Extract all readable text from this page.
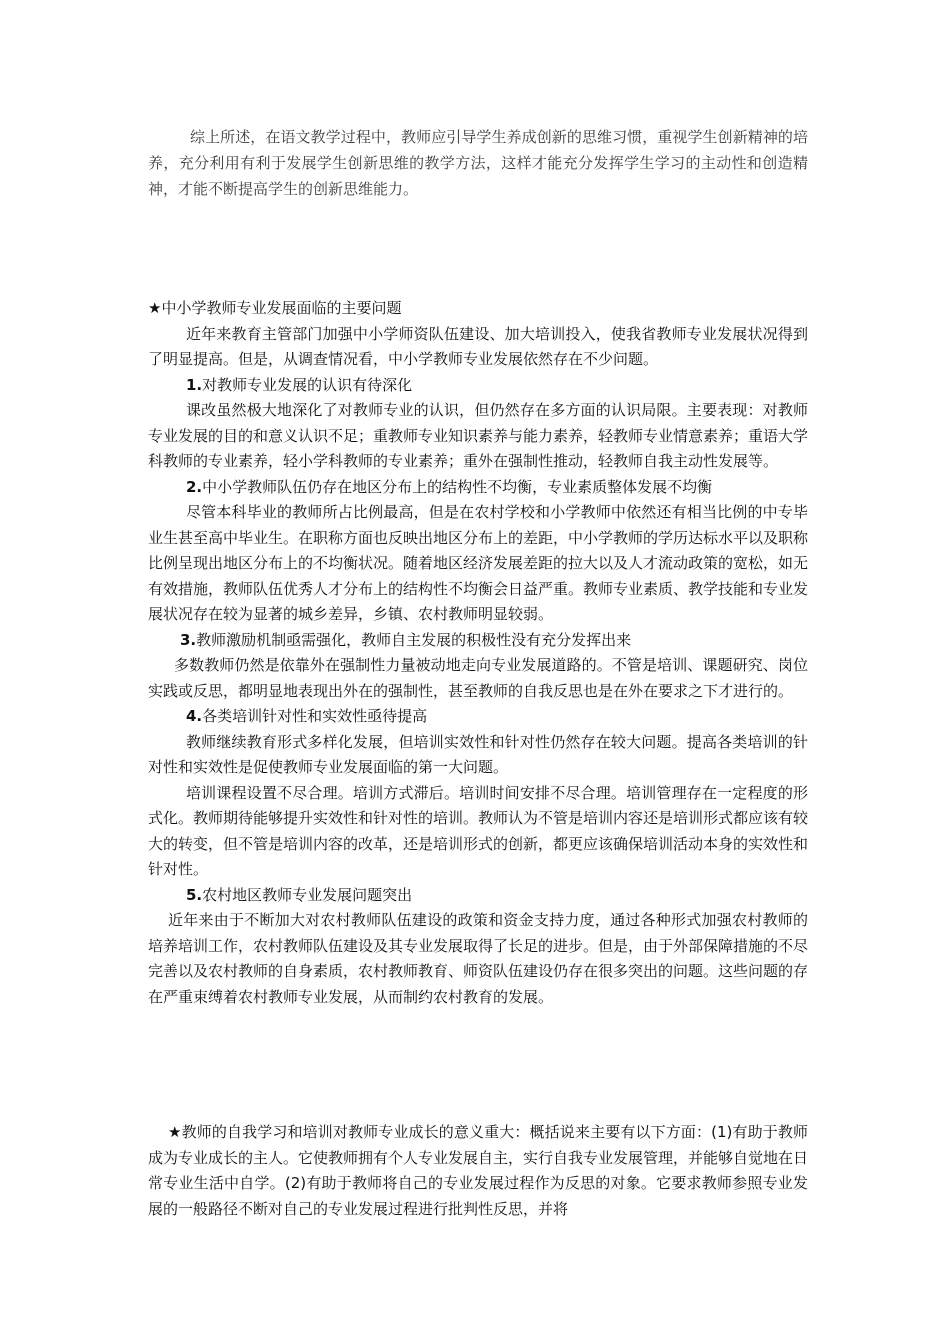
综上所述，在语文教学过程中，教师应引导学生养成创新的思维习惯，重视学生创新精神的培养，充分利用有利于发展学生创新思维的教学方法，这样才能充分发挥学生学习的主动性和创造精神，才能不断提高学生的创新思维能力。

★中小学教师专业发展面临的主要问题

近年来教育主管部门加强中小学师资队伍建设、加大培训投入，使我省教师专业发展状况得到了明显提高。但是，从调查情况看，中小学教师专业发展依然存在不少问题。

1.对教师专业发展的认识有待深化

课改虽然极大地深化了对教师专业的认识，但仍然存在多方面的认识局限。主要表现：对教师专业发展的目的和意义认识不足；重教师专业知识素养与能力素养，轻教师专业情意素养；重语大学科教师的专业素养，轻小学科教师的专业素养；重外在强制性推动，轻教师自我主动性发展等。

2.中小学教师队伍仍存在地区分布上的结构性不均衡，专业素质整体发展不均衡

尽管本科毕业的教师所占比例最高，但是在农村学校和小学教师中依然还有相当比例的中专毕业生甚至高中毕业生。在职称方面也反映出地区分布上的差距，中小学教师的学历达标水平以及职称比例呈现出地区分布上的不均衡状况。随着地区经济发展差距的拉大以及人才流动政策的宽松，如无有效措施，教师队伍优秀人才分布上的结构性不均衡会日益严重。教师专业素质、教学技能和专业发展状况存在较为显著的城乡差异，乡镇、农村教师明显较弱。

3.教师激励机制亟需强化，教师自主发展的积极性没有充分发挥出来

多数教师仍然是依靠外在强制性力量被动地走向专业发展道路的。不管是培训、课题研究、岗位实践或反思，都明显地表现出外在的强制性，甚至教师的自我反思也是在外在要求之下才进行的。

4.各类培训针对性和实效性亟待提高

教师继续教育形式多样化发展，但培训实效性和针对性仍然存在较大问题。提高各类培训的针对性和实效性是促使教师专业发展面临的第一大问题。

培训课程设置不尽合理。培训方式滞后。培训时间安排不尽合理。培训管理存在一定程度的形式化。教师期待能够提升实效性和针对性的培训。教师认为不管是培训内容还是培训形式都应该有较大的转变，但不管是培训内容的改革，还是培训形式的创新，都更应该确保培训活动本身的实效性和针对性。

5.农村地区教师专业发展问题突出

近年来由于不断加大对农村教师队伍建设的政策和资金支持力度，通过各种形式加强农村教师的培养培训工作，农村教师队伍建设及其专业发展取得了长足的进步。但是，由于外部保障措施的不尽完善以及农村教师的自身素质，农村教师教育、师资队伍建设仍存在很多突出的问题。这些问题的存在严重束缚着农村教师专业发展，从而制约农村教育的发展。

★教师的自我学习和培训对教师专业成长的意义重大：概括说来主要有以下方面：(1)有助于教师成为专业成长的主人。它使教师拥有个人专业发展自主，实行自我专业发展管理，并能够自觉地在日常专业生活中自学。(2)有助于教师将自己的专业发展过程作为反思的对象。它要求教师参照专业发展的一般路径不断对自己的专业发展过程进行批判性反思，并将
